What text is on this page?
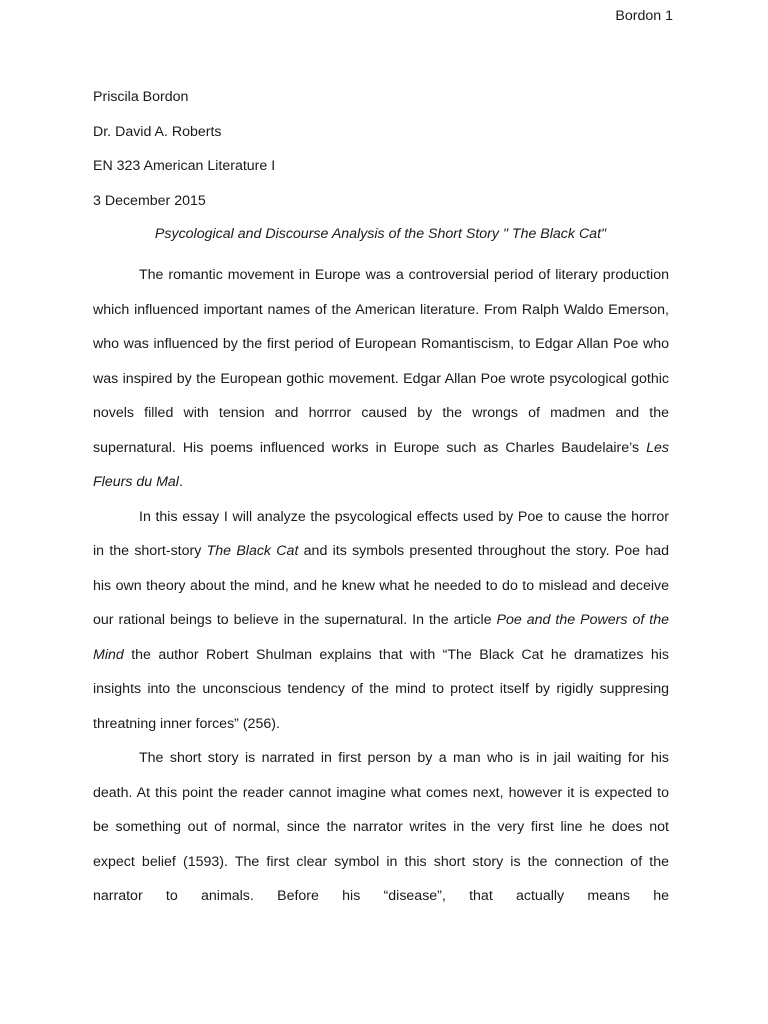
Bordon 1
Priscila Bordon
Dr. David A. Roberts
EN 323 American Literature I
3 December 2015
Psycological and Discourse Analysis of the Short Story " The Black Cat"

The romantic movement in Europe was a controversial period of literary production which influenced important names of the American literature. From Ralph Waldo Emerson, who was influenced by the first period of European Romantiscism, to Edgar Allan Poe who was inspired by the European gothic movement. Edgar Allan Poe wrote psycological gothic novels filled with tension and horrror caused by the wrongs of madmen and the supernatural. His poems influenced works in Europe such as Charles Baudelaire’s Les Fleurs du Mal.

In this essay I will analyze the psycological effects used by Poe to cause the horror in the short-story The Black Cat and its symbols presented throughout the story. Poe had his own theory about the mind, and he knew what he needed to do to mislead and deceive our rational beings to believe in the supernatural. In the article Poe and the Powers of the Mind the author Robert Shulman explains that with “The Black Cat he dramatizes his insights into the unconscious tendency of the mind to protect itself by rigidly suppresing threatning inner forces” (256).

The short story is narrated in first person by a man who is in jail waiting for his death. At this point the reader cannot imagine what comes next, however it is expected to be something out of normal, since the narrator writes in the very first line he does not expect belief (1593). The first clear symbol in this short story is the connection of the narrator to animals. Before his “disease”, that actually means he
